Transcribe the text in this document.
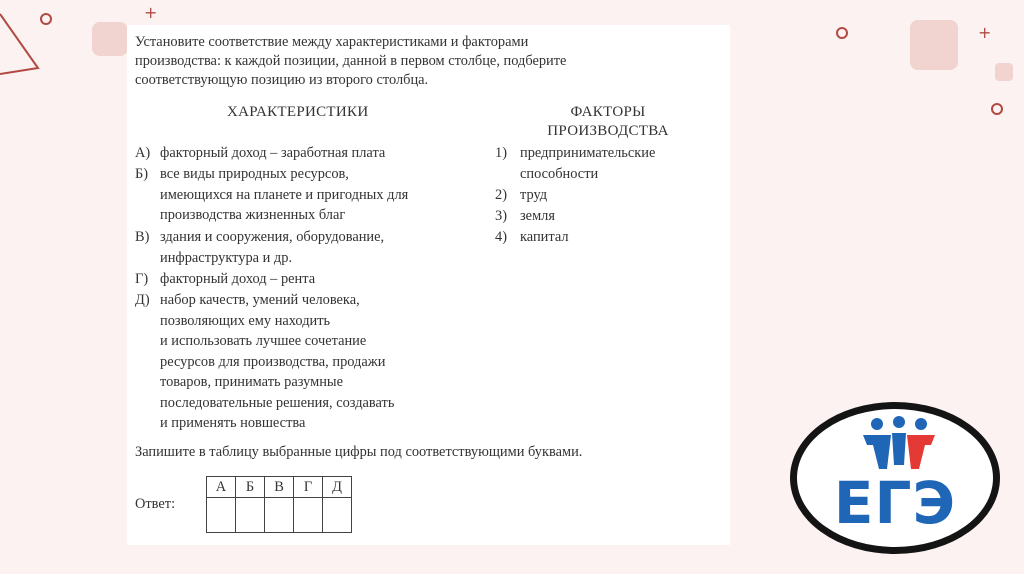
+
+

Установите соответствие между характеристиками и факторами
производства: к каждой позиции, данной в первом столбце, подберите
соответствующую позицию из второго столбца.

ХАРАКТЕРИСТИКИ	ФАКТОРЫ
ПРОИЗВОДСТВА
А) факторный доход – заработная плата
Б) все виды природных ресурсов,
имеющихся на планете и пригодных для
производства жизненных благ
В) здания и сооружения, оборудование,
инфраструктура и др.
Г) факторный доход – рента
Д) набор качеств, умений человека,
позволяющих ему находить
и использовать лучшее сочетание
ресурсов для производства, продажи
товаров, принимать разумные
последовательные решения, создавать
и применять новшества
1) предпринимательские
способности
2) труд
3) земля
4) капитал
Запишите в таблицу выбранные цифры под соответствующими буквами.
Ответ:
А	Б	В	Г	Д
					ЕГЭ
